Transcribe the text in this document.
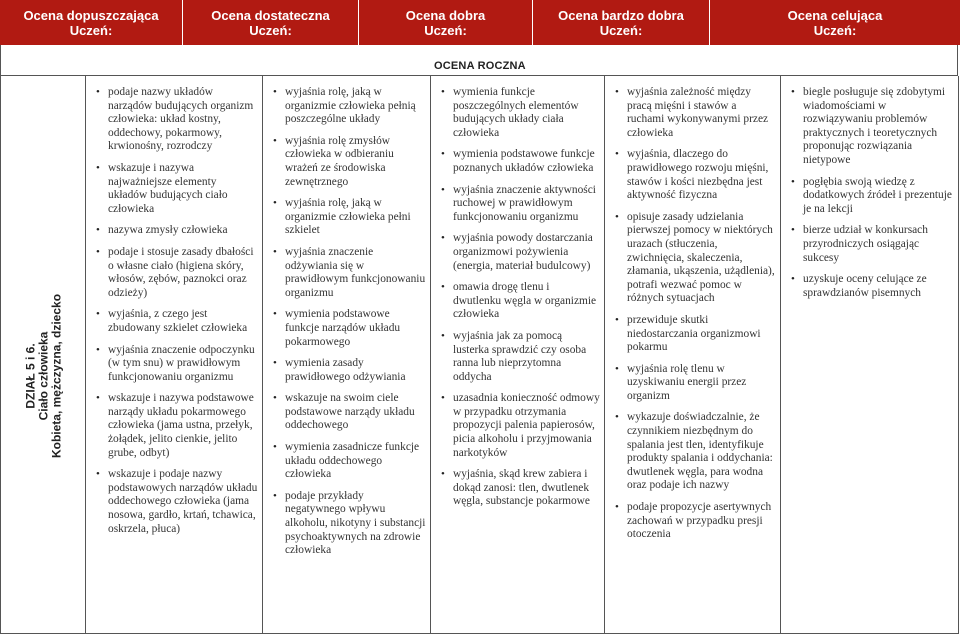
Ocena dopuszczająca
Uczeń:
Ocena dostateczna
Uczeń:
Ocena dobra
Uczeń:
Ocena bardzo dobra
Uczeń:
Ocena celująca
Uczeń:
OCENA ROCZNA
DZIAŁ 5 i 6. Ciało człowieka Kobieta, mężczyzna, dziecko
• podaje nazwy układów narządów budujących organizm człowieka: układ kostny, oddechowy, pokarmowy, krwionośny, rozrodczy
• wskazuje i nazywa najważniejsze elementy układów budujących ciało człowieka
• nazywa zmysły człowieka
• podaje i stosuje zasady dbałości o własne ciało (higiena skóry, włosów, zębów, paznokci oraz odzieży)
• wyjaśnia, z czego jest zbudowany szkielet człowieka
• wyjaśnia znaczenie odpoczynku (w tym snu) w prawidłowym funkcjonowaniu organizmu
• wskazuje i nazywa podstawowe narządy układu pokarmowego człowieka (jama ustna, przełyk, żołądek, jelito cienkie, jelito grube, odbyt)
• wskazuje i podaje nazwy podstawowych narządów układu oddechowego człowieka (jama nosowa, gardło, krtań, tchawica, oskrzela, płuca)
• wyjaśnia rolę, jaką w organizmie człowieka pełnią poszczególne układy
• wyjaśnia rolę zmysłów człowieka w odbieraniu wrażeń ze środowiska zewnętrznego
• wyjaśnia rolę, jaką w organizmie człowieka pełni szkielet
• wyjaśnia znaczenie odżywiania się w prawidłowym funkcjonowaniu organizmu
• wymienia podstawowe funkcje narządów układu pokarmowego
• wymienia zasady prawidłowego odżywiania
• wskazuje na swoim ciele podstawowe narządy układu oddechowego
• wymienia zasadnicze funkcje układu oddechowego człowieka
• podaje przykłady negatywnego wpływu alkoholu, nikotyny i substancji psychoaktywnych na zdrowie człowieka
• wymienia funkcje poszczególnych elementów budujących układy ciała człowieka
• wymienia podstawowe funkcje poznanych układów człowieka
• wyjaśnia znaczenie aktywności ruchowej w prawidłowym funkcjonowaniu organizmu
• wyjaśnia powody dostarczania organizmowi pożywienia (energia, materiał budulcowy)
• omawia drogę tlenu i dwutlenku węgla w organizmie człowieka
• wyjaśnia jak za pomocą lusterka sprawdzić czy osoba ranna lub nieprzytomna oddycha
• uzasadnia konieczność odmowy w przypadku otrzymania propozycji palenia papierosów, picia alkoholu i przyjmowania narkotyków
• wyjaśnia, skąd krew zabiera i dokąd zanosi: tlen, dwutlenek węgla, substancje pokarmowe
• wyjaśnia zależność między pracą mięśni i stawów a ruchami wykonywanymi przez człowieka
• wyjaśnia, dlaczego do prawidłowego rozwoju mięśni, stawów i kości niezbędna jest aktywność fizyczna
• opisuje zasady udzielania pierwszej pomocy w niektórych urazach (stłuczenia, zwichnięcia, skaleczenia, złamania, ukąszenia, użądlenia), potrafi wezwać pomoc w różnych sytuacjach
• przewiduje skutki niedostarczania organizmowi pokarmu
• wyjaśnia rolę tlenu w uzyskiwaniu energii przez organizm
• wykazuje doświadczalnie, że czynnikiem niezbędnym do spalania jest tlen, identyfikuje produkty spalania i oddychania: dwutlenek węgla, para wodna oraz podaje ich nazwy
• podaje propozycje asertywnych zachowań w przypadku presji otoczenia
• biegle posługuje się zdobytymi wiadomościami w rozwiązywaniu problemów praktycznych i teoretycznych proponując rozwiązania nietypowe
• pogłębia swoją wiedzę z dodatkowych źródeł i prezentuje je na lekcji
• bierze udział w konkursach przyrodniczych osiągając sukcesy
• uzyskuje oceny celujące ze sprawdzianów pisemnych
